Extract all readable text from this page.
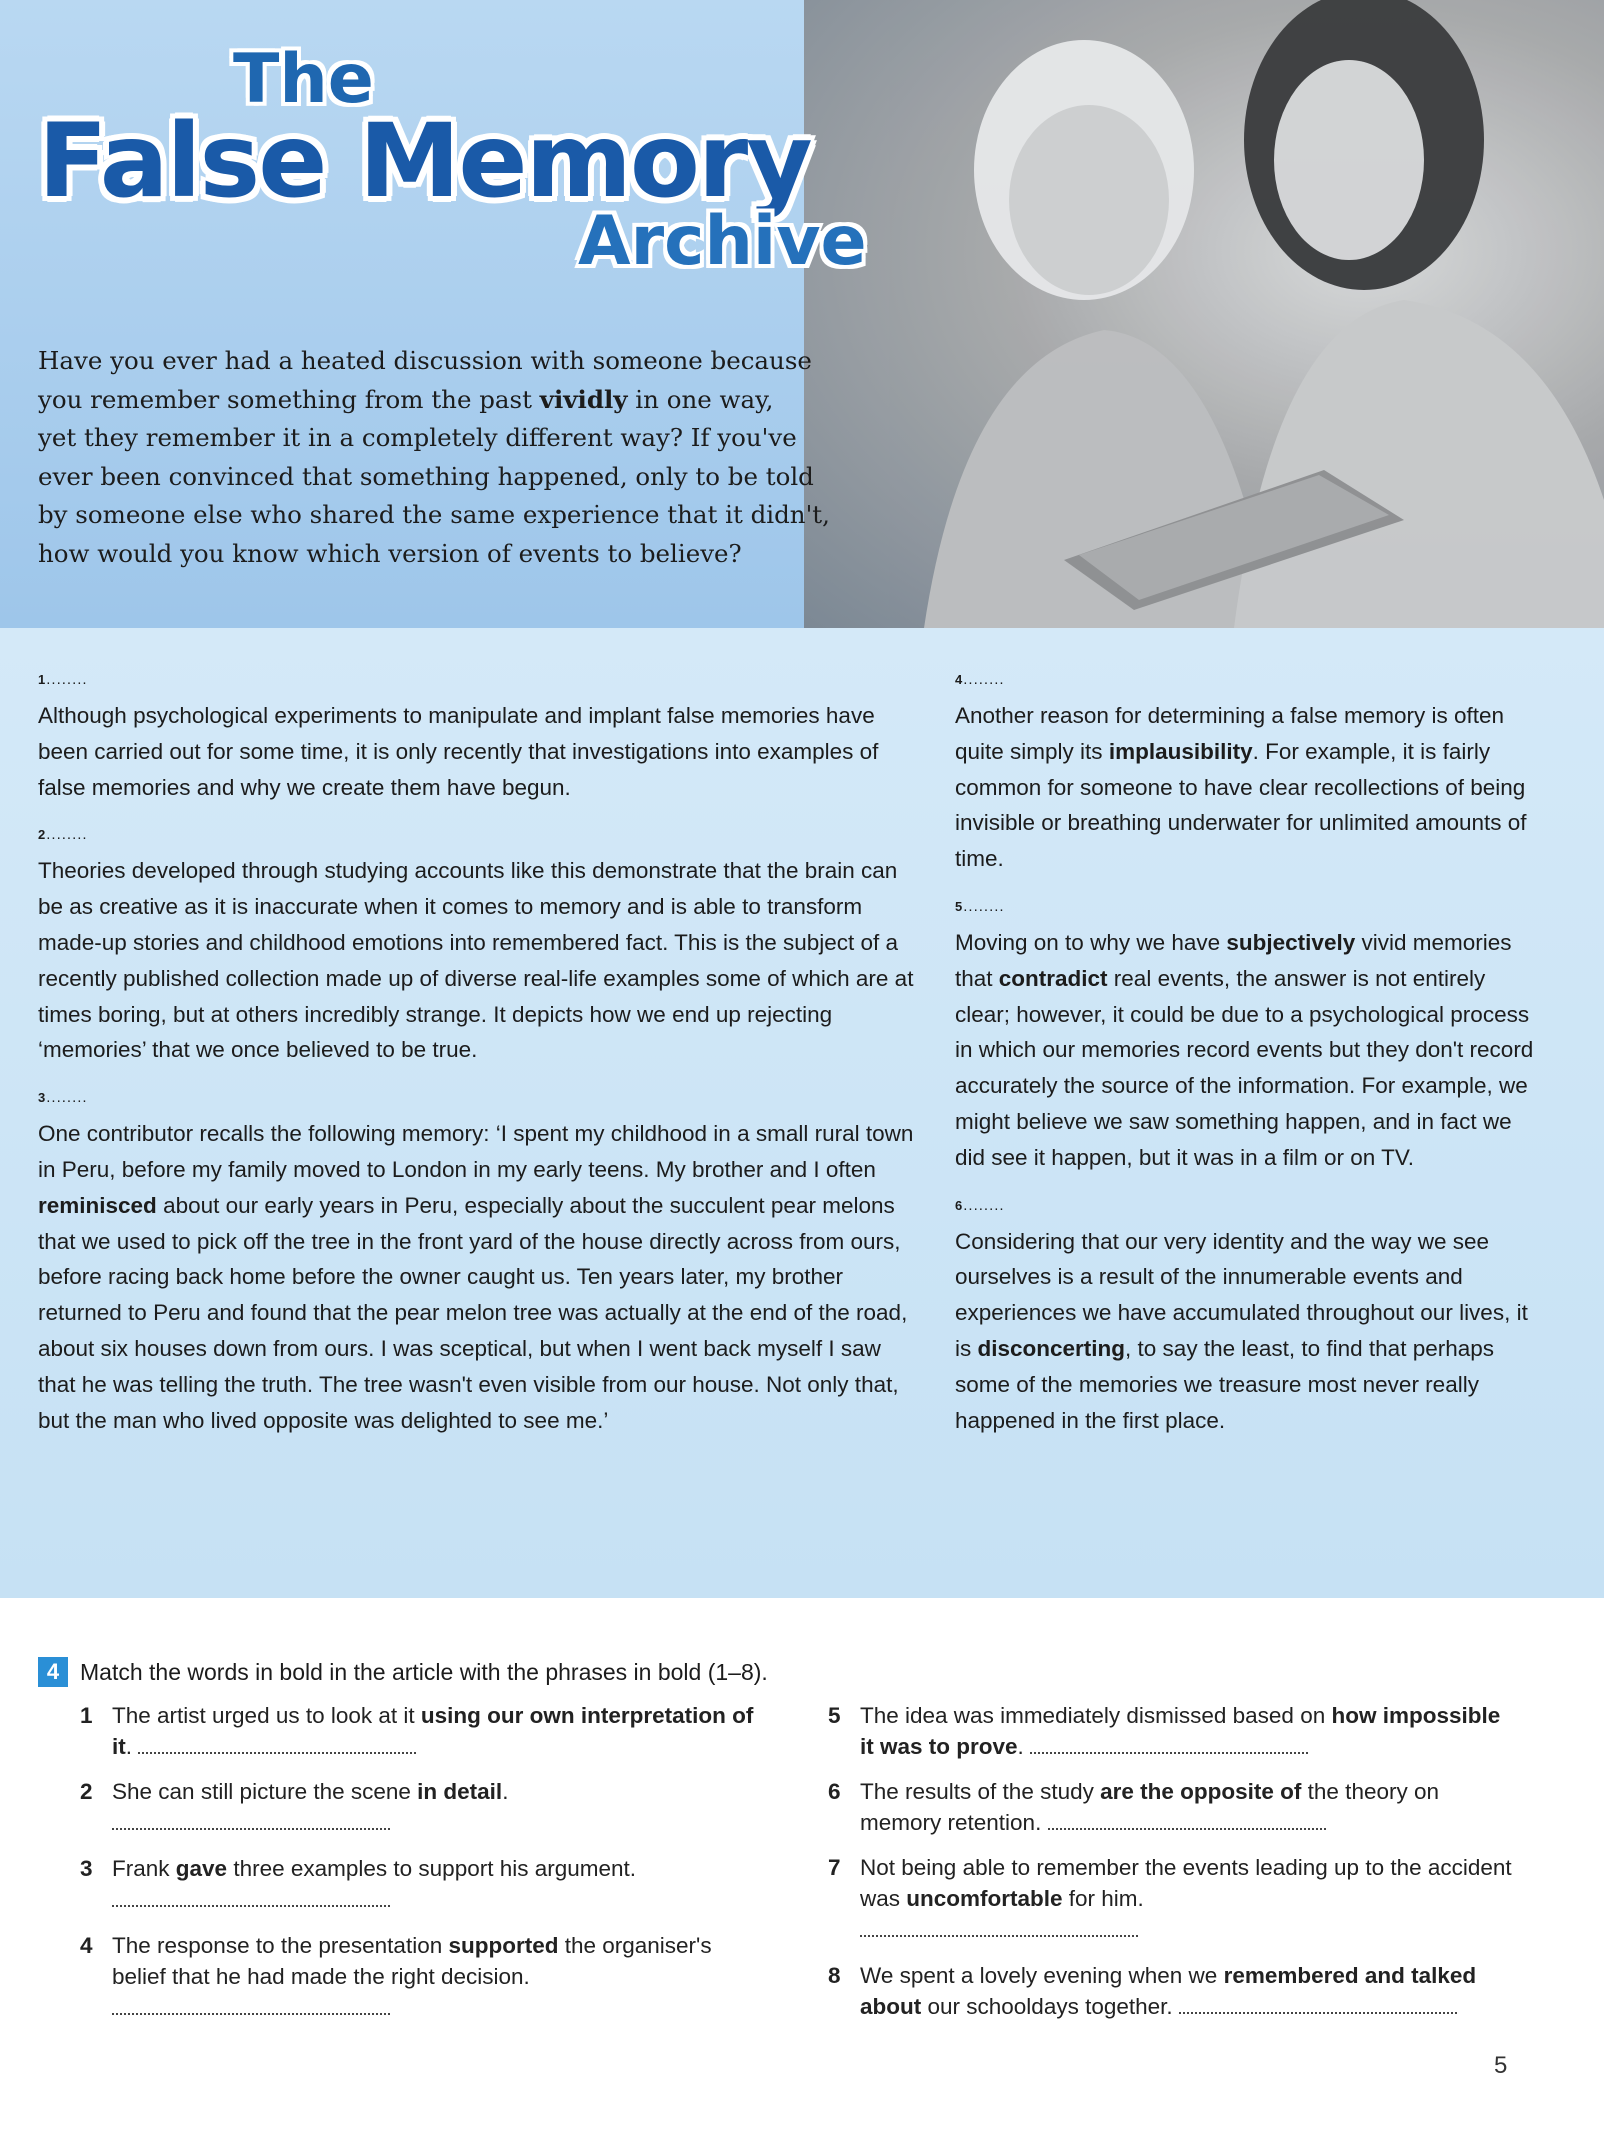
The
False Memory
Archive
Have you ever had a heated discussion with someone because
you remember something from the past vividly in one way,
yet they remember it in a completely different way? If you've
ever been convinced that something happened, only to be told
by someone else who shared the same experience that it didn't,
how would you know which version of events to believe?
1........

Although psychological experiments to manipulate and implant false memories have been carried out for some time, it is only recently that investigations into examples of false memories and why we create them have begun.

2........

Theories developed through studying accounts like this demonstrate that the brain can be as creative as it is inaccurate when it comes to memory and is able to transform made-up stories and childhood emotions into remembered fact. This is the subject of a recently published collection made up of diverse real-life examples some of which are at times boring, but at others incredibly strange. It depicts how we end up rejecting ‘memories’ that we once believed to be true.

3........

One contributor recalls the following memory: ‘I spent my childhood in a small rural town in Peru, before my family moved to London in my early teens. My brother and I often reminisced about our early years in Peru, especially about the succulent pear melons that we used to pick off the tree in the front yard of the house directly across from ours, before racing back home before the owner caught us. Ten years later, my brother returned to Peru and found that the pear melon tree was actually at the end of the road, about six houses down from ours. I was sceptical, but when I went back myself I saw that he was telling the truth. The tree wasn't even visible from our house. Not only that, but the man who lived opposite was delighted to see me.’

4........

Another reason for determining a false memory is often quite simply its implausibility. For example, it is fairly common for someone to have clear recollections of being invisible or breathing underwater for unlimited amounts of time.

5........

Moving on to why we have subjectively vivid memories that contradict real events, the answer is not entirely clear; however, it could be due to a psychological process in which our memories record events but they don't record accurately the source of the information. For example, we might believe we saw something happen, and in fact we did see it happen, but it was in a film or on TV.

6........

Considering that our very identity and the way we see ourselves is a result of the innumerable events and experiences we have accumulated throughout our lives, it is disconcerting, to say the least, to find that perhaps some of the memories we treasure most never really happened in the first place.

4 Match the words in bold in the article with the phrases in bold (1–8).
1 The artist urged us to look at it using our own interpretation of it.
2 She can still picture the scene in detail.
3 Frank gave three examples to support his argument.
4 The response to the presentation supported the organiser's belief that he had made the right decision.
5 The idea was immediately dismissed based on how impossible it was to prove.
6 The results of the study are the opposite of the theory on memory retention.
7 Not being able to remember the events leading up to the accident was uncomfortable for him.
8 We spent a lovely evening when we remembered and talked about our schooldays together.
5
